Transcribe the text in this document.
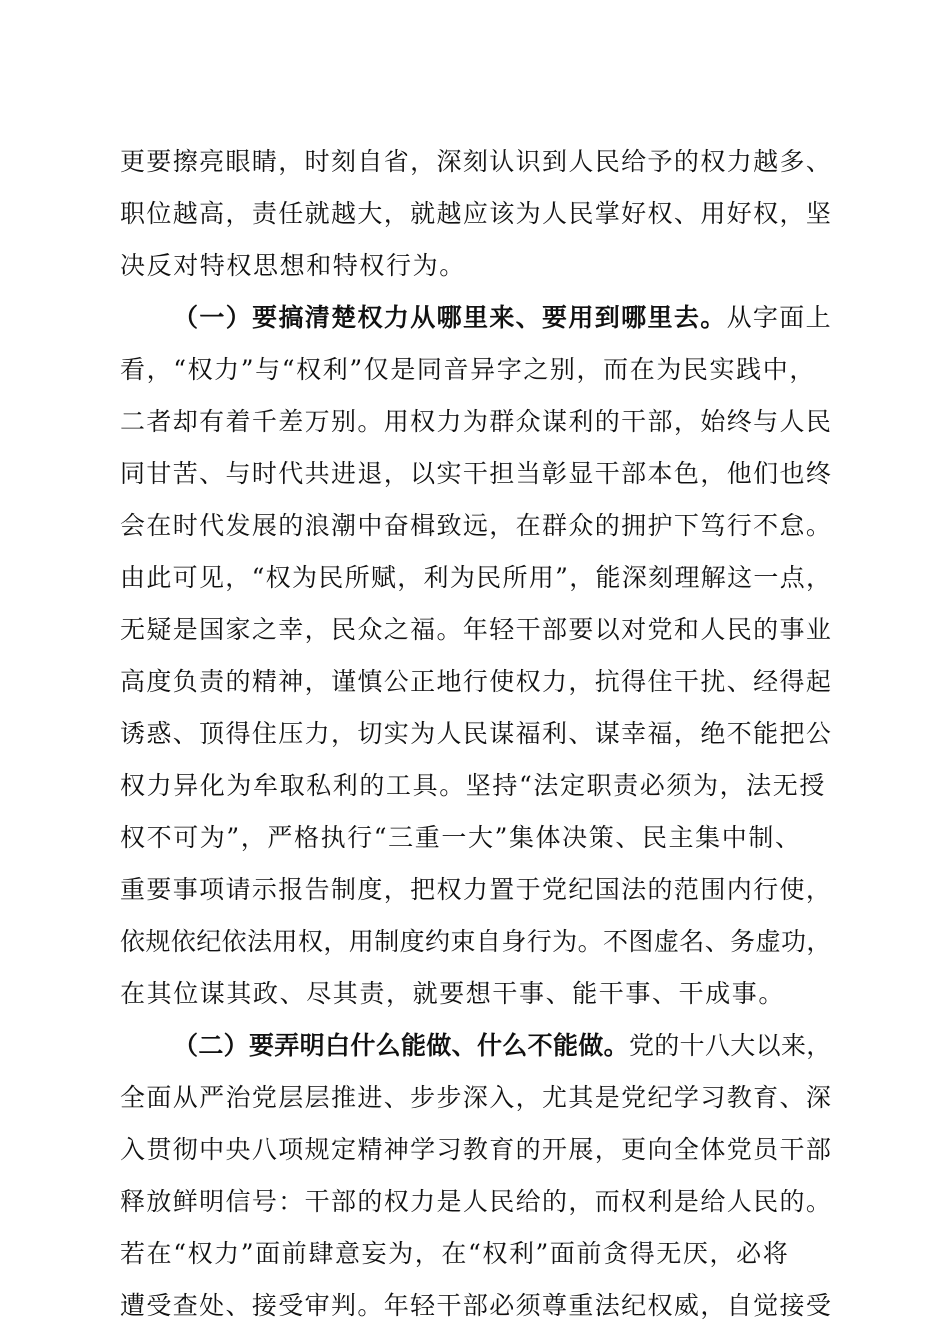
更要擦亮眼睛，时刻自省，深刻认识到人民给予的权力越多、
职位越高，责任就越大，就越应该为人民掌好权、用好权，坚
决反对特权思想和特权行为。
（一）要搞清楚权力从哪里来、要用到哪里去。从字面上
看，“权力”与“权利”仅是同音异字之别，而在为民实践中，
二者却有着千差万别。用权力为群众谋利的干部，始终与人民
同甘苦、与时代共进退，以实干担当彰显干部本色，他们也终
会在时代发展的浪潮中奋楫致远，在群众的拥护下笃行不怠。
由此可见，“权为民所赋，利为民所用”，能深刻理解这一点，
无疑是国家之幸，民众之福。年轻干部要以对党和人民的事业
高度负责的精神，谨慎公正地行使权力，抗得住干扰、经得起
诱惑、顶得住压力，切实为人民谋福利、谋幸福，绝不能把公
权力异化为牟取私利的工具。坚持“法定职责必须为，法无授
权不可为”，严格执行“三重一大”集体决策、民主集中制、
重要事项请示报告制度，把权力置于党纪国法的范围内行使，
依规依纪依法用权，用制度约束自身行为。不图虚名、务虚功，
在其位谋其政、尽其责，就要想干事、能干事、干成事。
（二）要弄明白什么能做、什么不能做。党的十八大以来，
全面从严治党层层推进、步步深入，尤其是党纪学习教育、深
入贯彻中央八项规定精神学习教育的开展，更向全体党员干部
释放鲜明信号：干部的权力是人民给的，而权利是给人民的。
若在“权力”面前肆意妄为，在“权利”面前贪得无厌，必将
遭受查处、接受审判。年轻干部必须尊重法纪权威，自觉接受
